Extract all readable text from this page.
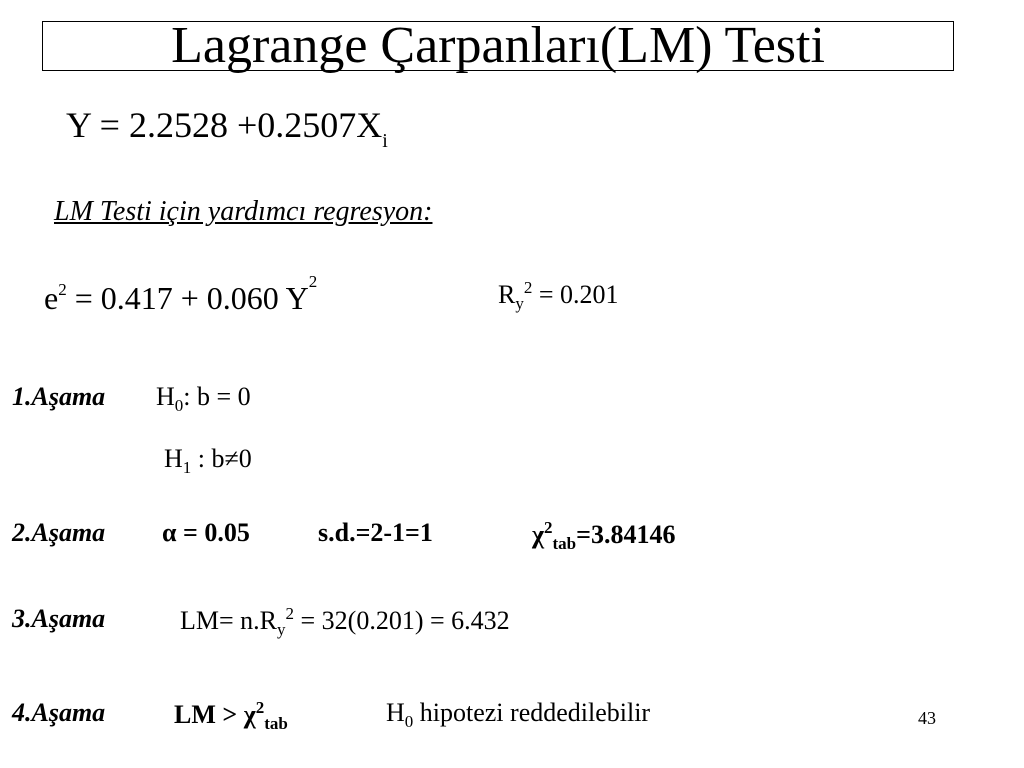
Lagrange Çarpanları(LM) Testi
$Y = 2.2528 +0.2507X_i$
LM Testi için yardımcı regresyon:
$e^2 = 0.417 + 0.060$ $Y^2$	$R_y^2 = 0.201$
1.Aşama $H_0$: b = 0
$H_1$ : b≠0
2.Aşama α = 0.05	s.d.=2-1=1	$\chi^2_{tab}=3.84146$
3.Aşama	$LM= n.R_y^2 = 32(0.201) = 6.432$
4.Aşama	LM > $\chi^2_{tab}$	$H_0$ hipotezi reddedilebilir	43
